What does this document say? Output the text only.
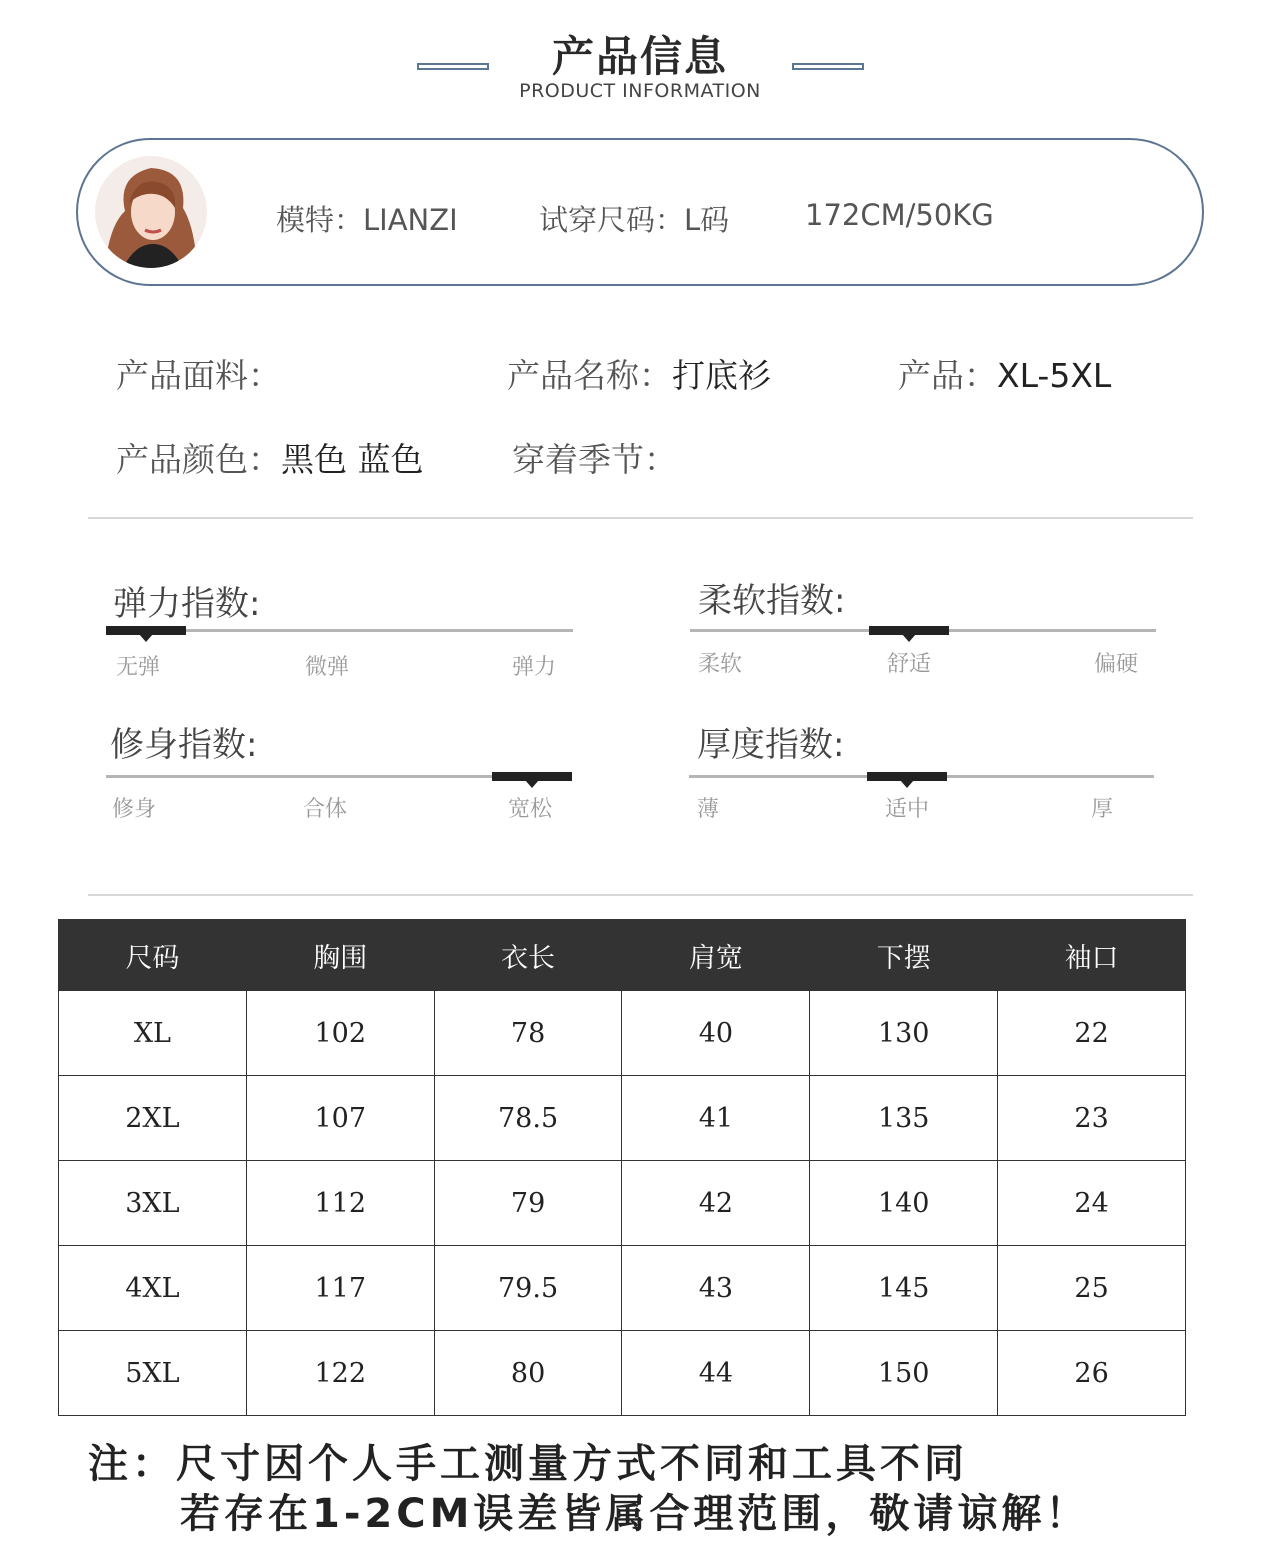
产品信息
PRODUCT INFORMATION
模特：LIANZI	试穿尺码：L码	172CM/50KG
产品面料：	产品名称：打底衫	产品：XL-5XL
产品颜色：黑色 蓝色	穿着季节：
弹力指数:
无弹	微弹	弹力
柔软指数:
柔软	舒适	偏硬
修身指数:
修身	合体	宽松
厚度指数:
薄	适中	厚
尺码	胸围	衣长	肩宽	下摆	袖口
XL	102	78	40	130	22
2XL	107	78.5	41	135	23
3XL	112	79	42	140	24
4XL	117	79.5	43	145	25
5XL	122	80	44	150	26
注：尺寸因个人手工测量方式不同和工具不同
若存在1-2CM误差皆属合理范围，敬请谅解！
